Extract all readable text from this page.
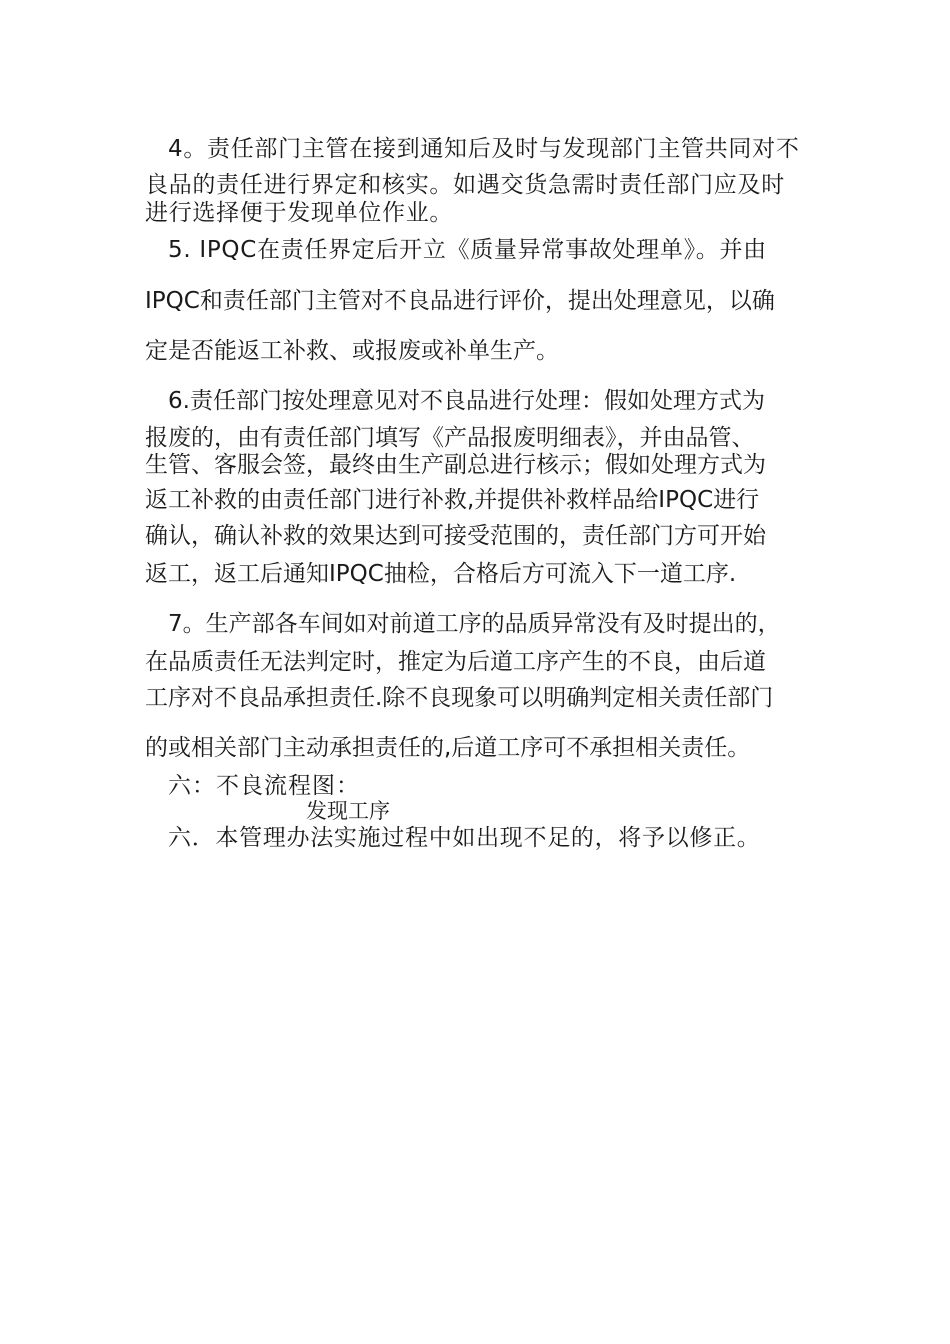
4。责任部门主管在接到通知后及时与发现部门主管共同对不
良品的责任进行界定和核实。如遇交货急需时责任部门应及时
进行选择便于发现单位作业。
5. IPQC在责任界定后开立《质量异常事故处理单》。并由
IPQC和责任部门主管对不良品进行评价，提出处理意见，以确
定是否能返工补救、或报废或补单生产。
6.责任部门按处理意见对不良品进行处理：假如处理方式为
报废的，由有责任部门填写《产品报废明细表》，并由品管、
生管、客服会签，最终由生产副总进行核示；假如处理方式为
返工补救的由责任部门进行补救,并提供补救样品给IPQC进行
确认，确认补救的效果达到可接受范围的，责任部门方可开始
返工，返工后通知IPQC抽检，合格后方可流入下一道工序.
7。生产部各车间如对前道工序的品质异常没有及时提出的，
在品质责任无法判定时，推定为后道工序产生的不良，由后道
工序对不良品承担责任.除不良现象可以明确判定相关责任部门
的或相关部门主动承担责任的,后道工序可不承担相关责任。
六：不良流程图：
发现工序
六．本管理办法实施过程中如出现不足的，将予以修正。
